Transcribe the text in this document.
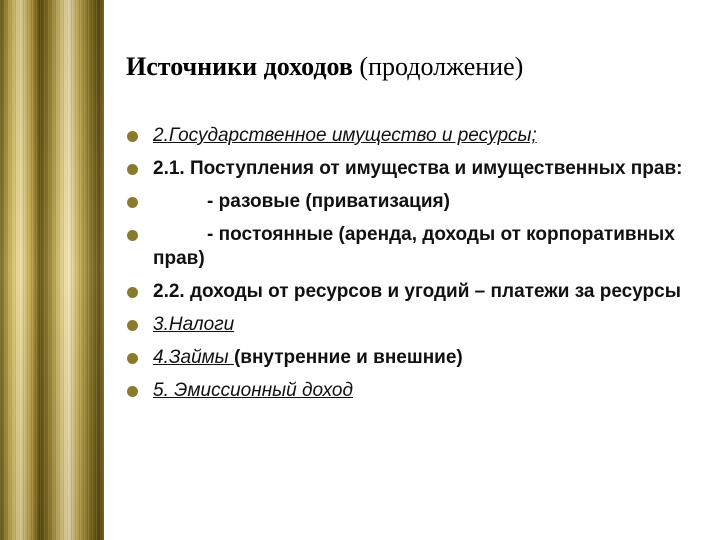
Источники доходов (продолжение)
2.Государственное имущество и ресурсы;
2.1. Поступления от имущества и имущественных прав:
- разовые (приватизация)
- постоянные (аренда, доходы от корпоративных прав)
2.2. доходы от ресурсов и угодий – платежи за ресурсы
3.Налоги
4.Займы (внутренние и внешние)
5. Эмиссионный доход
